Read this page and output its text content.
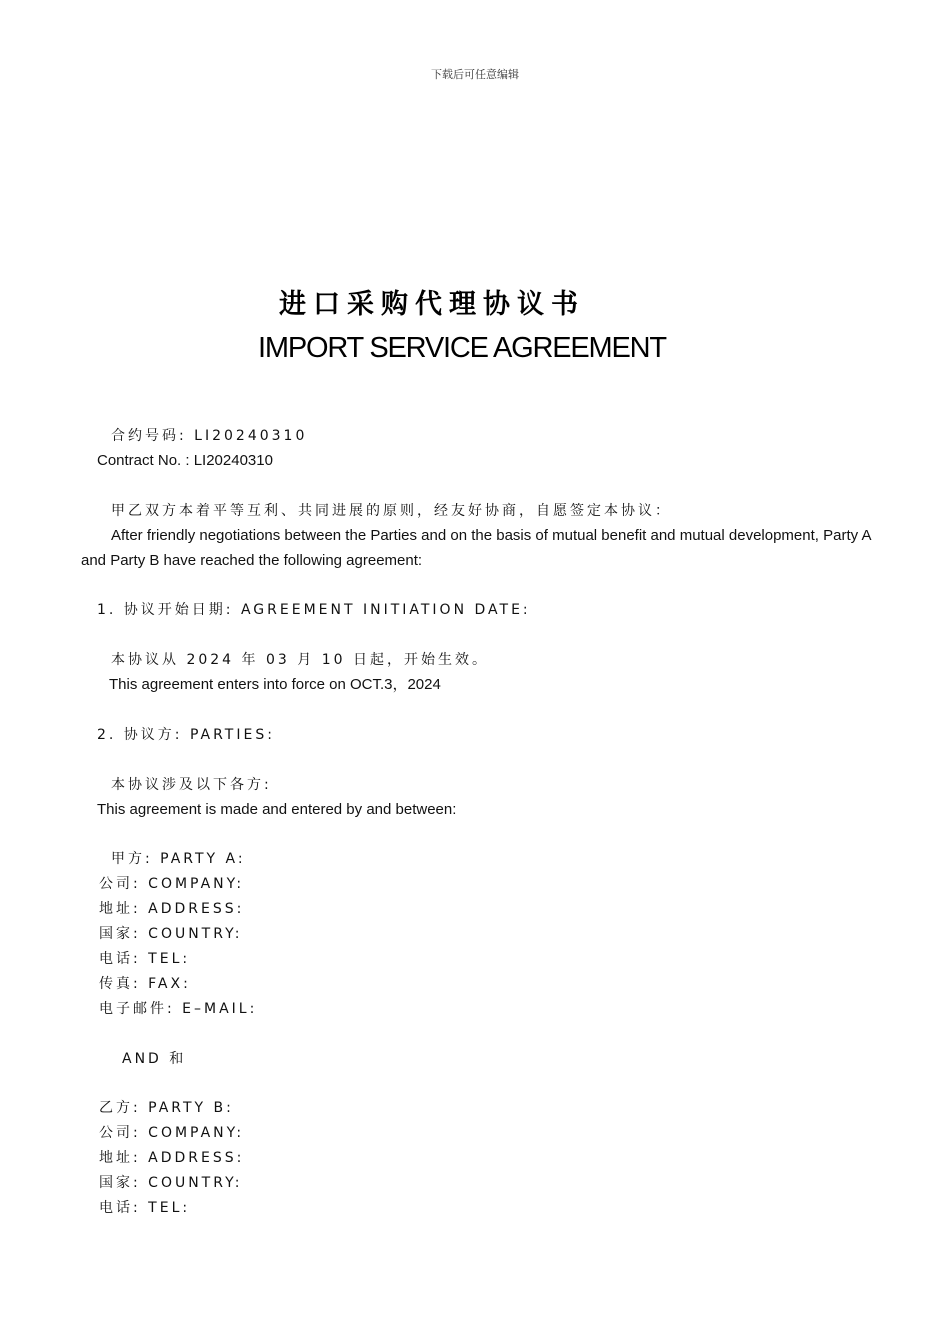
下载后可任意编辑
进口采购代理协议书
IMPORT SERVICE AGREEMENT
合约号码: LI20240310
Contract No. : LI20240310
甲乙双方本着平等互利、共同进展的原则，经友好协商，自愿签定本协议：
After friendly negotiations between the Parties and on the basis of mutual benefit and mutual development, Party A and Party B have reached the following agreement:
1. 协议开始日期: AGREEMENT INITIATION DATE:
本协议从 2024 年 03 月 10 日起，开始生效。
This agreement enters into force on OCT.3，2024
2. 协议方: PARTIES:
本协议涉及以下各方:
This agreement is made and entered by and between:
甲方: PARTY A:
公司: COMPANY:
地址: ADDRESS:
国家: COUNTRY:
电话: TEL:
传真: FAX:
电子邮件: E–MAIL:
AND 和
乙方: PARTY B:
公司: COMPANY:
地址: ADDRESS:
国家: COUNTRY:
电话: TEL:
